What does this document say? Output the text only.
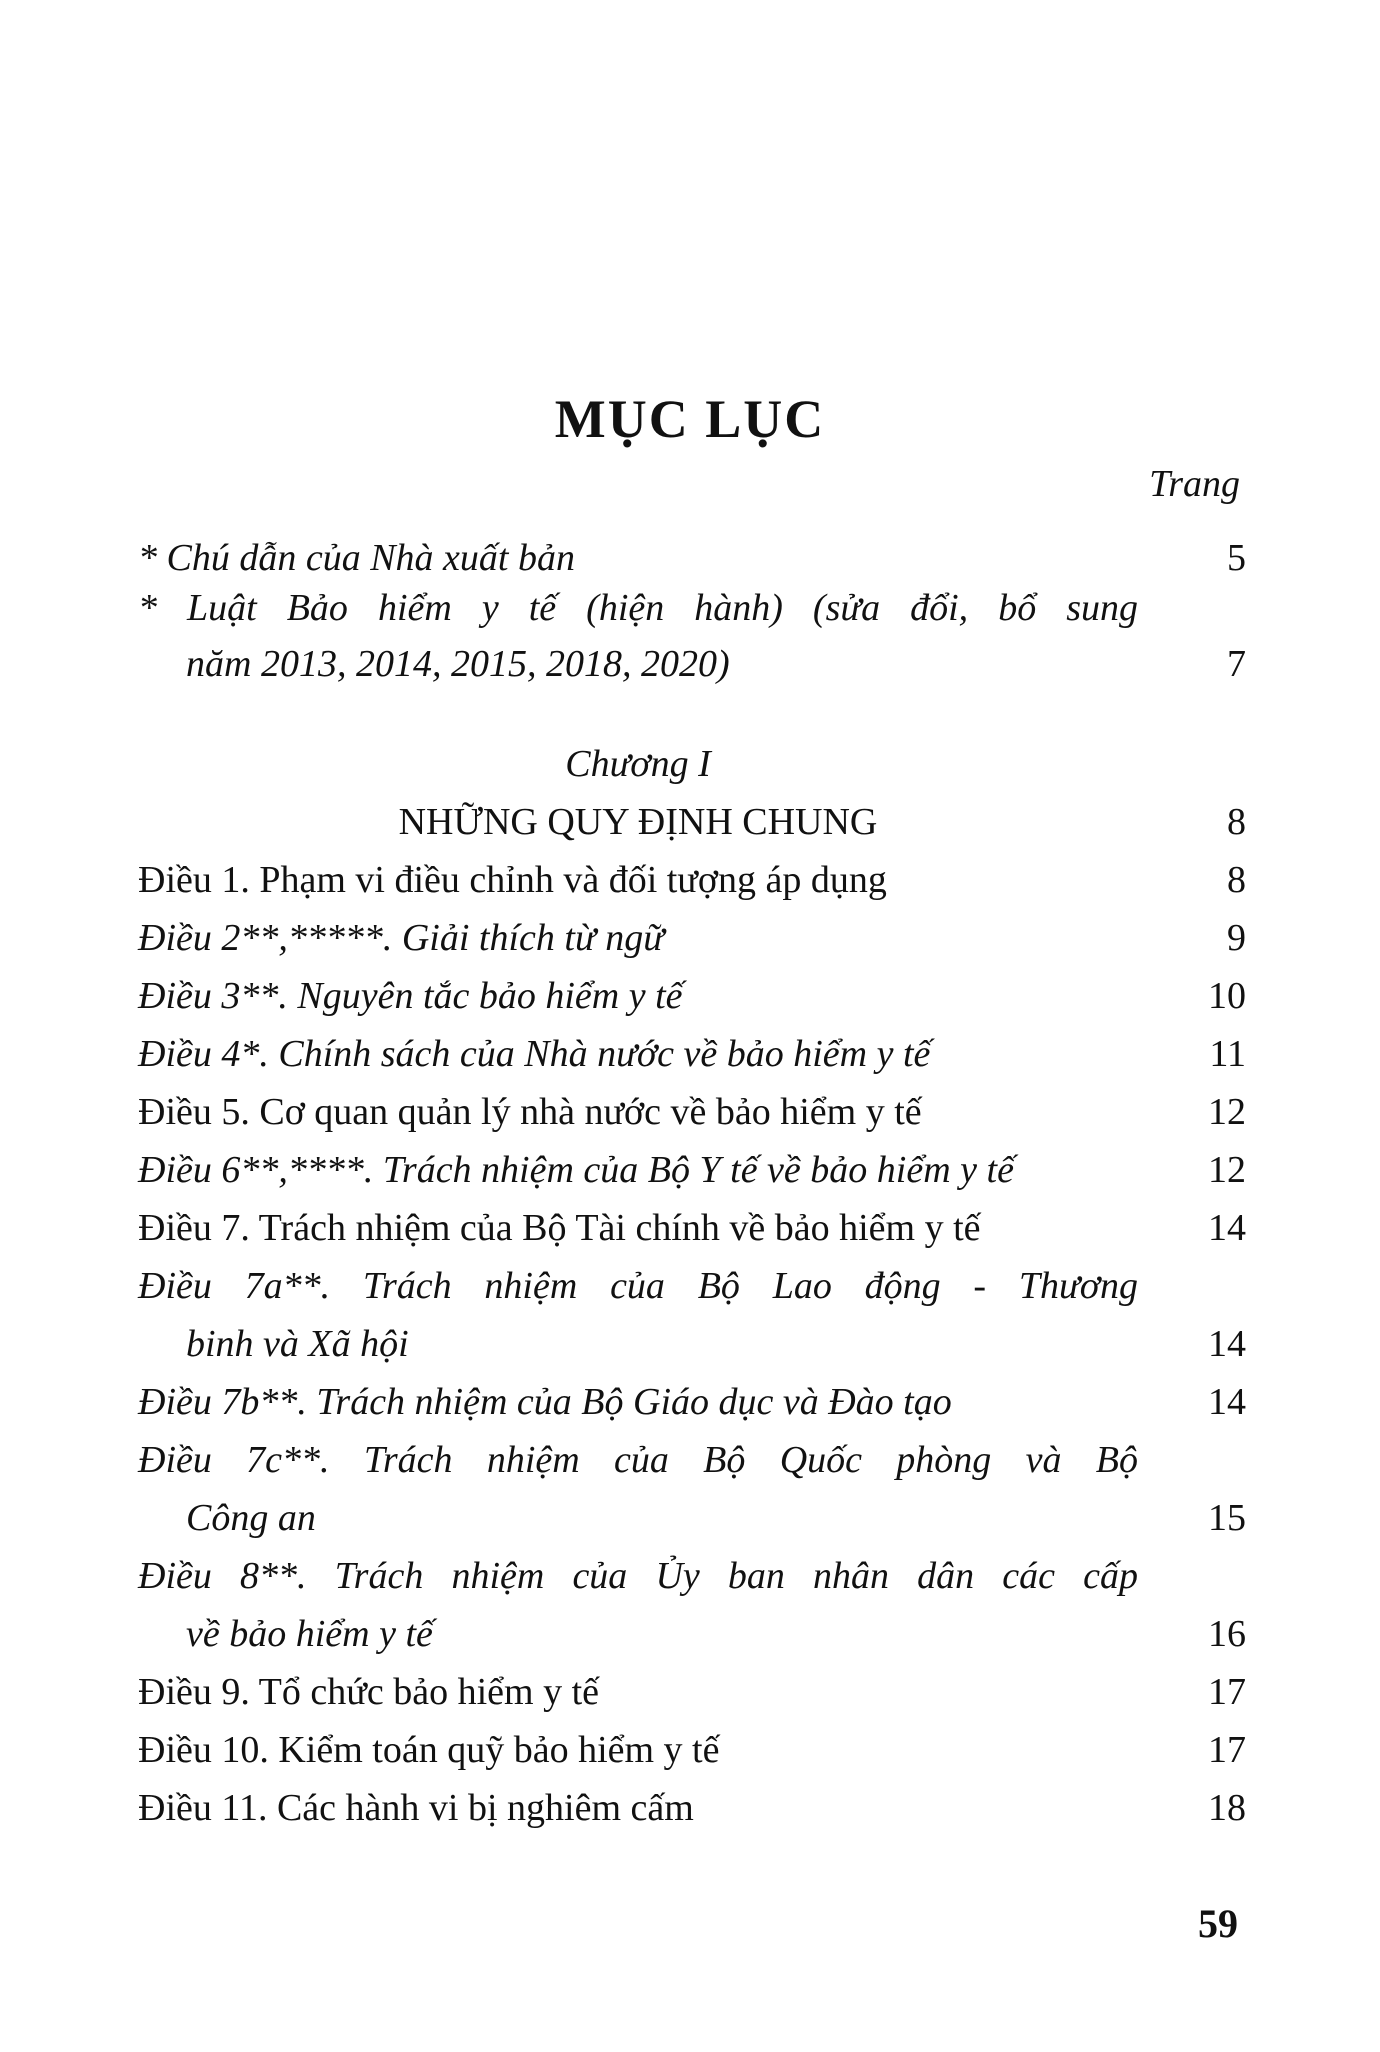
MỤC LỤC
Trang
* Chú dẫn của Nhà xuất bản	5
* Luật Bảo hiểm y tế (hiện hành) (sửa đổi, bổ sung
năm 2013, 2014, 2015, 2018, 2020)	7
Chương I
NHỮNG QUY ĐỊNH CHUNG	8
Điều 1. Phạm vi điều chỉnh và đối tượng áp dụng	8
Điều 2**,*****. Giải thích từ ngữ	9
Điều 3**. Nguyên tắc bảo hiểm y tế	10
Điều 4*. Chính sách của Nhà nước về bảo hiểm y tế	11
Điều 5. Cơ quan quản lý nhà nước về bảo hiểm y tế	12
Điều 6**,****. Trách nhiệm của Bộ Y tế về bảo hiểm y tế	12
Điều 7. Trách nhiệm của Bộ Tài chính về bảo hiểm y tế	14
Điều 7a**. Trách nhiệm của Bộ Lao động - Thương
binh và Xã hội	14
Điều 7b**. Trách nhiệm của Bộ Giáo dục và Đào tạo	14
Điều 7c**. Trách nhiệm của Bộ Quốc phòng và Bộ
Công an	15
Điều 8**. Trách nhiệm của Ủy ban nhân dân các cấp
về bảo hiểm y tế	16
Điều 9. Tổ chức bảo hiểm y tế	17
Điều 10. Kiểm toán quỹ bảo hiểm y tế	17
Điều 11. Các hành vi bị nghiêm cấm	18
59
